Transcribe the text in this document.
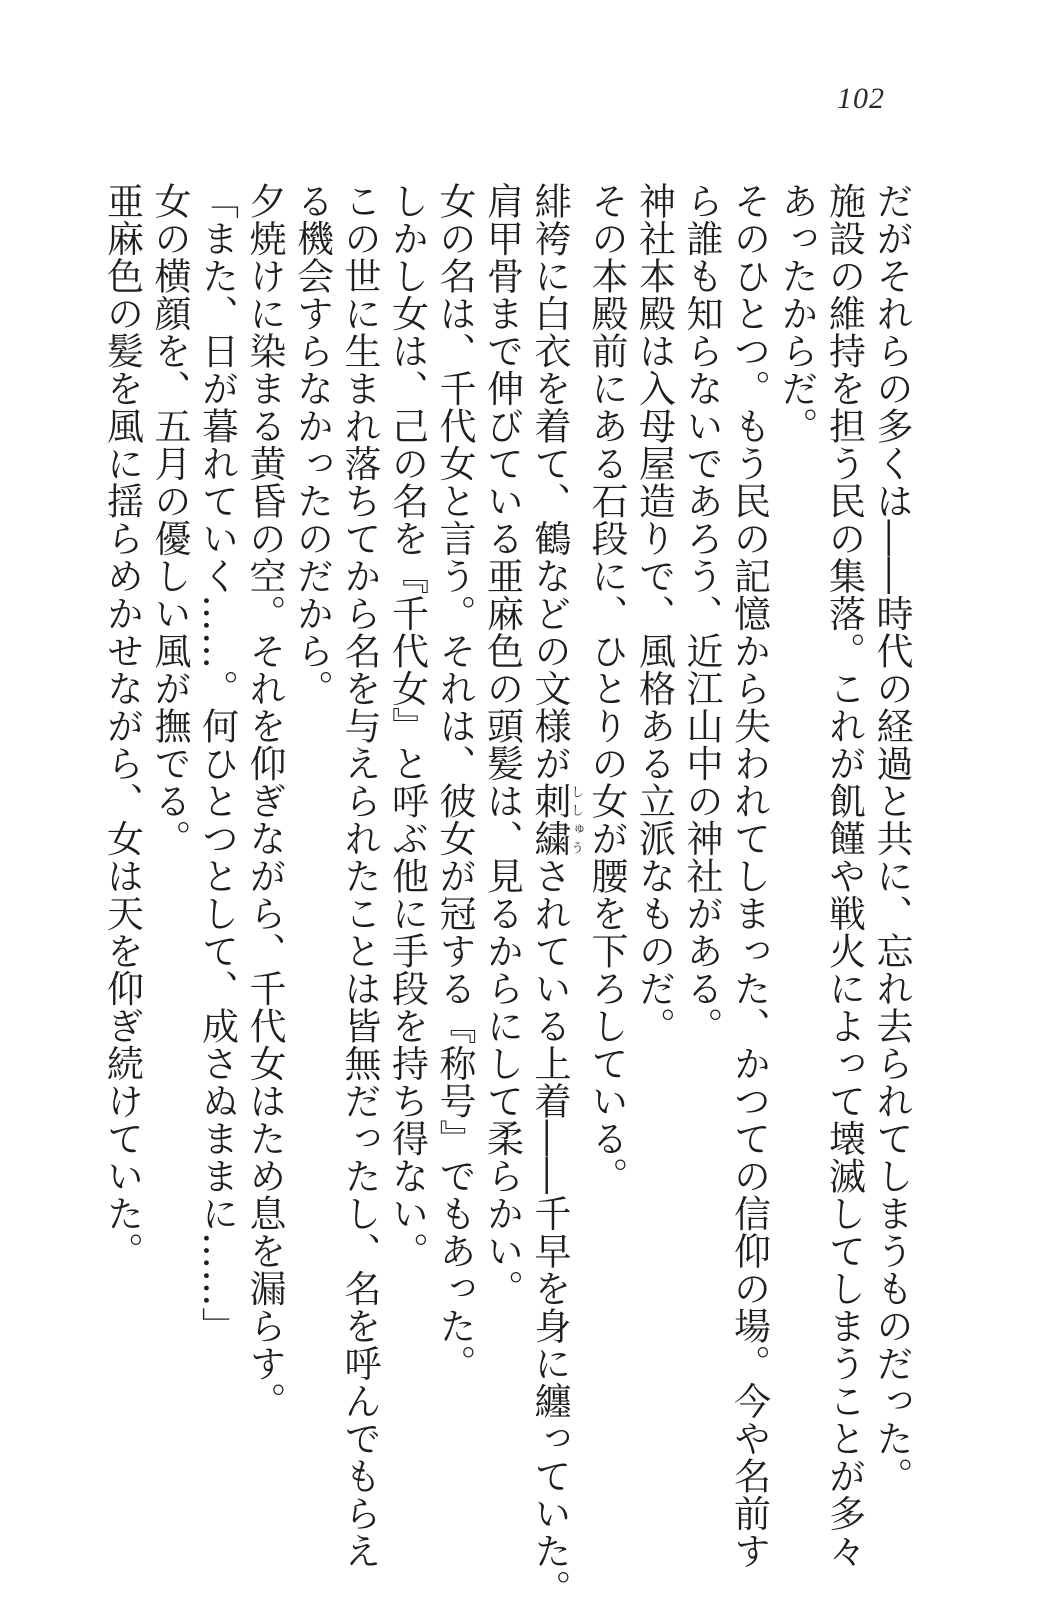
102
だがそれらの多くは――時代の経過と共に、忘れ去られてしまうものだった。
施設の維持を担う民の集落。これが飢饉や戦火によって壊滅してしまうことが多々
あったからだ。
そのひとつ。もう民の記憶から失われてしまった、かつての信仰の場。今や名前す
ら誰も知らないであろう、近江山中の神社がある。
神社本殿は入母屋造りで、風格ある立派なものだ。
その本殿前にある石段に、ひとりの女が腰を下ろしている。
緋袴に白衣を着て、鶴などの文様が刺繍ししゅうされている上着――千早を身に纏っていた。
肩甲骨まで伸びている亜麻色の頭髪は、見るからにして柔らかい。
女の名は、千代女と言う。それは、彼女が冠する『称号』でもあった。
しかし女は、己の名を『千代女』と呼ぶ他に手段を持ち得ない。
この世に生まれ落ちてから名を与えられたことは皆無だったし、名を呼んでもらえ
る機会すらなかったのだから。
夕焼けに染まる黄昏の空。それを仰ぎながら、千代女はため息を漏らす。
「また、日が暮れていく……。何ひとつとして、成さぬままに……」
女の横顔を、五月の優しい風が撫でる。
亜麻色の髪を風に揺らめかせながら、女は天を仰ぎ続けていた。
